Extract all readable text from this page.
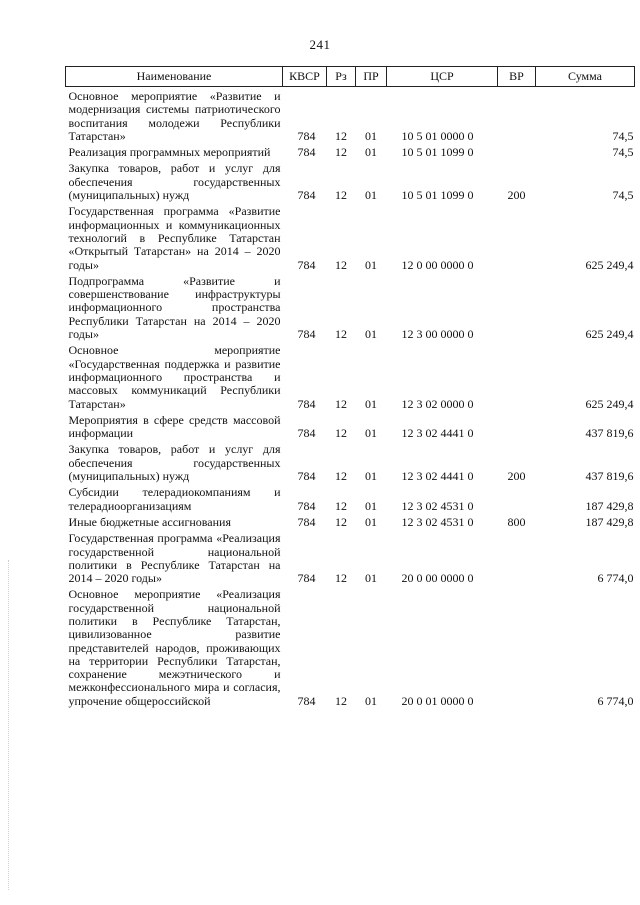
241
Наименование	КВСР	Рз	ПР	ЦСР	ВР	Сумма

Основное мероприятие «Развитие и модернизация системы патриотического воспитания молодежи Республики Татарстан»	784	12	01	10 5 01 0000 0		74,5

Реализация программных мероприятий	784	12	01	10 5 01 1099 0		74,5

Закупка товаров, работ и услуг для обеспечения государственных (муниципальных) нужд	784	12	01	10 5 01 1099 0	200	74,5

Государственная программа «Развитие информационных и коммуникационных технологий в Республике Татарстан «Открытый Татарстан» на 2014 – 2020 годы»	784	12	01	12 0 00 0000 0		625 249,4

Подпрограмма «Развитие и совершенствование инфраструктуры информационного пространства Республики Татарстан на 2014 – 2020 годы»	784	12	01	12 3 00 0000 0		625 249,4

Основное мероприятие «Государственная поддержка и развитие информационного пространства и массовых коммуникаций Республики Татарстан»	784	12	01	12 3 02 0000 0		625 249,4

Мероприятия в сфере средств массовой информации	784	12	01	12 3 02 4441 0		437 819,6

Закупка товаров, работ и услуг для обеспечения государственных (муниципальных) нужд	784	12	01	12 3 02 4441 0	200	437 819,6

Субсидии телерадиокомпаниям и телерадиоорганизациям	784	12	01	12 3 02 4531 0		187 429,8

Иные бюджетные ассигнования	784	12	01	12 3 02 4531 0	800	187 429,8

Государственная программа «Реализация государственной национальной политики в Республике Татарстан на 2014 – 2020 годы»	784	12	01	20 0 00 0000 0		6 774,0

Основное мероприятие «Реализация государственной национальной политики в Республике Татарстан, цивилизованное развитие представителей народов, проживающих на территории Республики Татарстан, сохранение межэтнического и межконфессионального мира и согласия, упрочение общероссийской	784	12	01	20 0 01 0000 0		6 774,0
